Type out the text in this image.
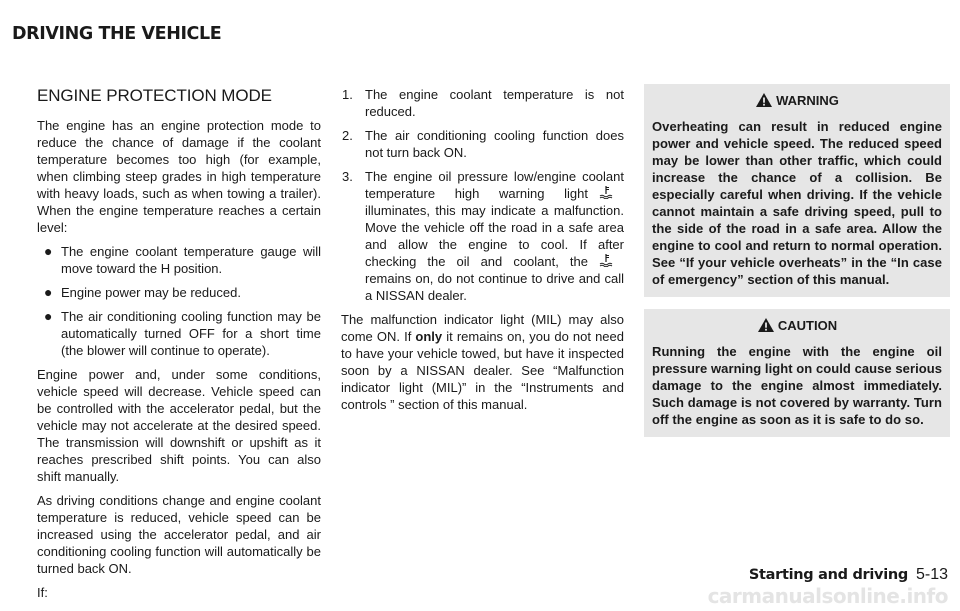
DRIVING THE VEHICLE
ENGINE PROTECTION MODE

The engine has an engine protection mode to reduce the chance of damage if the coolant temperature becomes too high (for example, when climbing steep grades in high temperature with heavy loads, such as when towing a trailer). When the engine temperature reaches a certain level:

● The engine coolant temperature gauge will move toward the H position.
● Engine power may be reduced.
● The air conditioning cooling function may be automatically turned OFF for a short time (the blower will continue to operate).

Engine power and, under some conditions, vehicle speed will decrease. Vehicle speed can be controlled with the accelerator pedal, but the vehicle may not accelerate at the desired speed. The transmission will downshift or upshift as it reaches prescribed shift points. You can also shift manually.

As driving conditions change and engine coolant temperature is reduced, vehicle speed can be increased using the accelerator pedal, and air conditioning cooling function will automatically be turned back ON.

If:

1. The engine coolant temperature is not reduced.
2. The air conditioning cooling function does not turn back ON.
3. The engine oil pressure low/engine coolant temperature high warning lightilluminates, this may indicate a malfunction. Move the vehicle off the road in a safe area and allow the engine to cool. If after checking the oil and coolant, theremains on, do not continue to drive and call a NISSAN dealer.

The malfunction indicator light (MIL) may also come ON. If only it remains on, you do not need to have your vehicle towed, but have it inspected soon by a NISSAN dealer. See “Malfunction indicator light (MIL)” in the “Instruments and controls ” section of this manual.

WARNING
Overheating can result in reduced engine power and vehicle speed. The reduced speed may be lower than other traffic, which could increase the chance of a collision. Be especially careful when driving. If the vehicle cannot maintain a safe driving speed, pull to the side of the road in a safe area. Allow the engine to cool and return to normal operation. See “If your vehicle overheats” in the “In case of emergency” section of this manual.
CAUTION
Running the engine with the engine oil pressure warning light on could cause serious damage to the engine almost immediately. Such damage is not covered by warranty. Turn off the engine as soon as it is safe to do so.
Starting and driving 5-13
carmanualsonline.info
